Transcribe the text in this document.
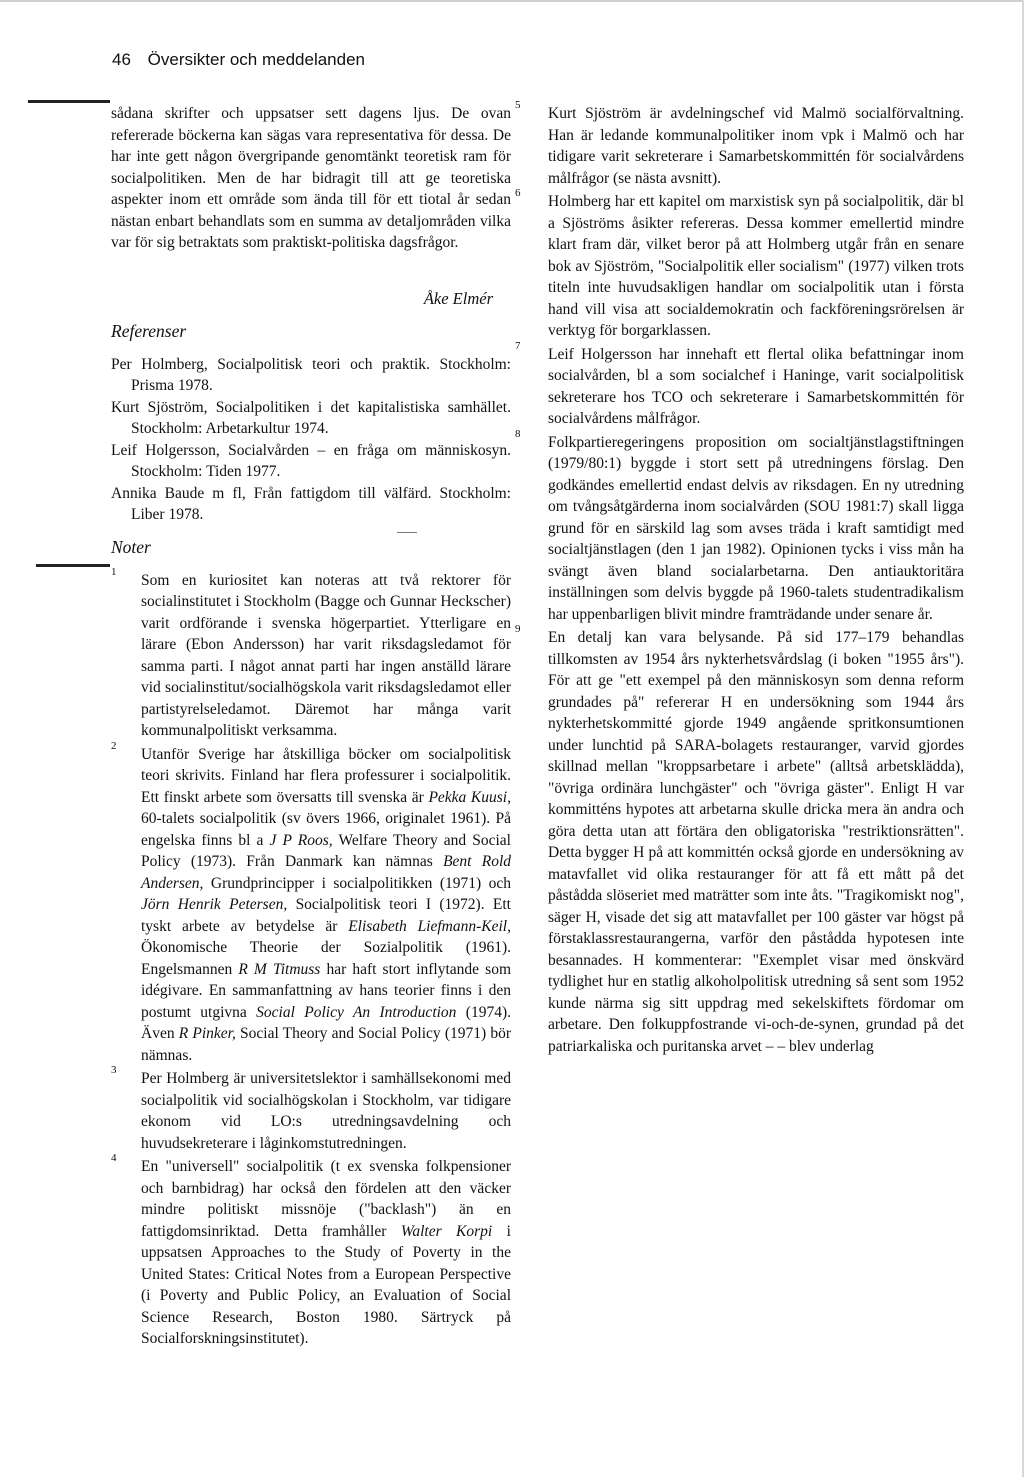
46 Översikter och meddelanden

sådana skrifter och uppsatser sett dagens ljus. De ovan refererade böckerna kan sägas vara representativa för dessa. De har inte gett någon övergripande genomtänkt teoretisk ram för socialpolitiken. Men de har bidragit till att ge teoretiska aspekter inom ett område som ända till för ett tiotal år sedan nästan enbart behandlats som en summa av detaljområden vilka var för sig betraktats som praktiskt-politiska dagsfrågor.

Åke Elmér
Referenser

Per Holmberg, Socialpolitisk teori och praktik. Stockholm: Prisma 1978.

Kurt Sjöström, Socialpolitiken i det kapitalistiska samhället. Stockholm: Arbetarkultur 1974.

Leif Holgersson, Socialvården – en fråga om människosyn. Stockholm: Tiden 1977.

Annika Baude m fl, Från fattigdom till välfärd. Stockholm: Liber 1978.

Noter
1 Som en kuriositet kan noteras att två rektorer för socialinstitutet i Stockholm (Bagge och Gunnar Heckscher) varit ordförande i svenska högerpartiet. Ytterligare en lärare (Ebon Andersson) har varit riksdagsledamot för samma parti. I något annat parti har ingen anställd lärare vid socialinstitut/socialhögskola varit riksdagsledamot eller partistyrelseledamot. Däremot har många varit kommunalpolitiskt verksamma.

2 Utanför Sverige har åtskilliga böcker om socialpolitisk teori skrivits. Finland har flera professurer i socialpolitik. Ett finskt arbete som översatts till svenska är Pekka Kuusi, 60-talets socialpolitik (sv övers 1966, originalet 1961). På engelska finns bl a J P Roos, Welfare Theory and Social Policy (1973). Från Danmark kan nämnas Bent Rold Andersen, Grundprincipper i socialpolitikken (1971) och Jörn Henrik Petersen, Socialpolitisk teori I (1972). Ett tyskt arbete av betydelse är Elisabeth Liefmann-Keil, Ökonomische Theorie der Sozialpolitik (1961). Engelsmannen R M Titmuss har haft stort inflytande som idégivare. En sammanfattning av hans teorier finns i den postumt utgivna Social Policy An Introduction (1974). Även R Pinker, Social Theory and Social Policy (1971) bör nämnas.

3 Per Holmberg är universitetslektor i samhällsekonomi med socialpolitik vid socialhögskolan i Stockholm, var tidigare ekonom vid LO:s utredningsavdelning och huvudsekreterare i låginkomstutredningen.

4 En "universell" socialpolitik (t ex svenska folkpensioner och barnbidrag) har också den fördelen att den väcker mindre politiskt missnöje ("backlash") än en fattigdomsinriktad. Detta framhåller Walter Korpi i uppsatsen Approaches to the Study of Poverty in the United States: Critical Notes from a European Perspective (i Poverty and Public Policy, an Evaluation of Social Science Research, Boston 1980. Särtryck på Socialforskningsinstitutet).

5 Kurt Sjöström är avdelningschef vid Malmö socialförvaltning. Han är ledande kommunalpolitiker inom vpk i Malmö och har tidigare varit sekreterare i Samarbetskommittén för socialvårdens målfrågor (se nästa avsnitt).

6 Holmberg har ett kapitel om marxistisk syn på socialpolitik, där bl a Sjöströms åsikter refereras. Dessa kommer emellertid mindre klart fram där, vilket beror på att Holmberg utgår från en senare bok av Sjöström, "Socialpolitik eller socialism" (1977) vilken trots titeln inte huvudsakligen handlar om socialpolitik utan i första hand vill visa att socialdemokratin och fackföreningsrörelsen är verktyg för borgarklassen.

7 Leif Holgersson har innehaft ett flertal olika befattningar inom socialvården, bl a som socialchef i Haninge, varit socialpolitisk sekreterare hos TCO och sekreterare i Samarbetskommittén för socialvårdens målfrågor.

8 Folkpartieregeringens proposition om socialtjänstlagstiftningen (1979/80:1) byggde i stort sett på utredningens förslag. Den godkändes emellertid endast delvis av riksdagen. En ny utredning om tvångsåtgärderna inom socialvården (SOU 1981:7) skall ligga grund för en särskild lag som avses träda i kraft samtidigt med socialtjänstlagen (den 1 jan 1982). Opinionen tycks i viss mån ha svängt även bland socialarbetarna. Den antiauktoritära inställningen som delvis byggde på 1960-talets studentradikalism har uppenbarligen blivit mindre framträdande under senare år.

9 En detalj kan vara belysande. På sid 177–179 behandlas tillkomsten av 1954 års nykterhetsvårdslag (i boken "1955 års"). För att ge "ett exempel på den människosyn som denna reform grundades på" refererar H en undersökning som 1944 års nykterhetskommitté gjorde 1949 angående spritkonsumtionen under lunchtid på SARA-bolagets restauranger, varvid gjordes skillnad mellan "kroppsarbetare i arbete" (alltså arbetsklädda), "övriga ordinära lunchgäster" och "övriga gäster". Enligt H var kommitténs hypotes att arbetarna skulle dricka mera än andra och göra detta utan att förtära den obligatoriska "restriktionsrätten". Detta bygger H på att kommittén också gjorde en undersökning av matavfallet vid olika restauranger för att få ett mått på det påstådda slöseriet med maträtter som inte åts. "Tragikomiskt nog", säger H, visade det sig att matavfallet per 100 gäster var högst på förstaklassrestaurangerna, varför den påstådda hypotesen inte besannades. H kommenterar: "Exemplet visar med önskvärd tydlighet hur en statlig alkoholpolitisk utredning så sent som 1952 kunde närma sig sitt uppdrag med sekelskiftets fördomar om arbetare. Den folkuppfostrande vi-och-de-synen, grundad på det patriarkaliska och puritanska arvet – – blev underlag
